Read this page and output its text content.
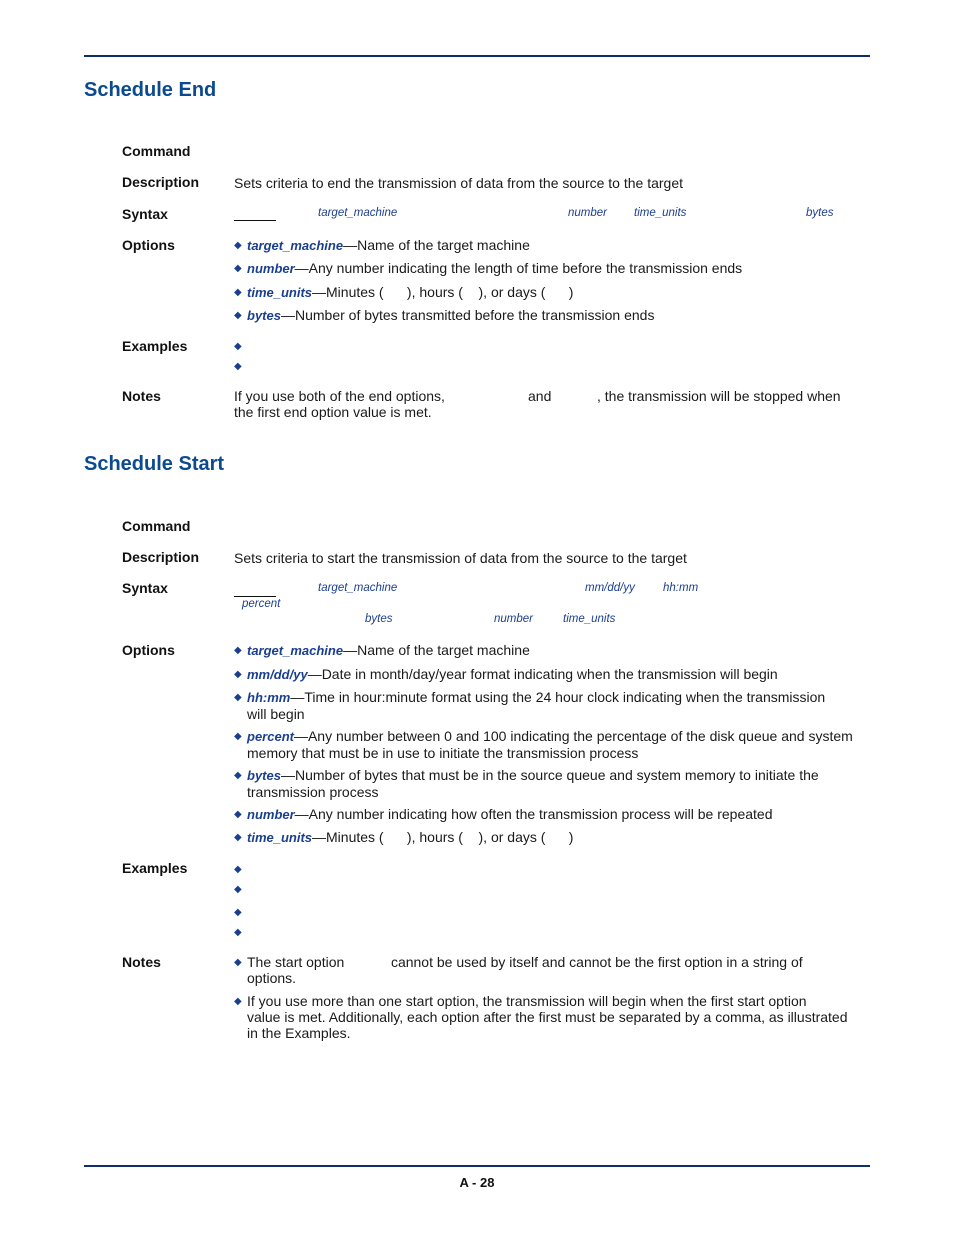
Schedule End
Command
Description Sets criteria to end the transmission of data from the source to the target
Syntax	target_machine	number time_units	bytes
Options	◆ target_machine—Name of the target machine
◆ number—Any number indicating the length of time before the transmission ends
◆ time_units—Minutes (      ), hours (    ), or days (      )
◆ bytes—Number of bytes transmitted before the transmission ends
Examples	◆
◆
Notes	If you use both of the end options,	and	, the transmission will be stopped when
the first end option value is met.
Schedule Start
Command
Description Sets criteria to start the transmission of data from the source to the target
Syntax	target_machine	mm/dd/yy hh:mm
percent
bytes	number	time_units
Options	◆ target_machine—Name of the target machine
◆ mm/dd/yy—Date in month/day/year format indicating when the transmission will begin
◆ hh:mm—Time in hour:minute format using the 24 hour clock indicating when the transmission
will begin
◆ percent—Any number between 0 and 100 indicating the percentage of the disk queue and system
memory that must be in use to initiate the transmission process
◆ bytes—Number of bytes that must be in the source queue and system memory to initiate the
transmission process
◆ number—Any number indicating how often the transmission process will be repeated
◆ time_units—Minutes (      ), hours (    ), or days (      )
Examples	◆
◆
◆
◆
Notes	◆ The start option            cannot be used by itself and cannot be the first option in a string of
options.
◆ If you use more than one start option, the transmission will begin when the first start option
value is met. Additionally, each option after the first must be separated by a comma, as illustrated
in the Examples.
A - 28
